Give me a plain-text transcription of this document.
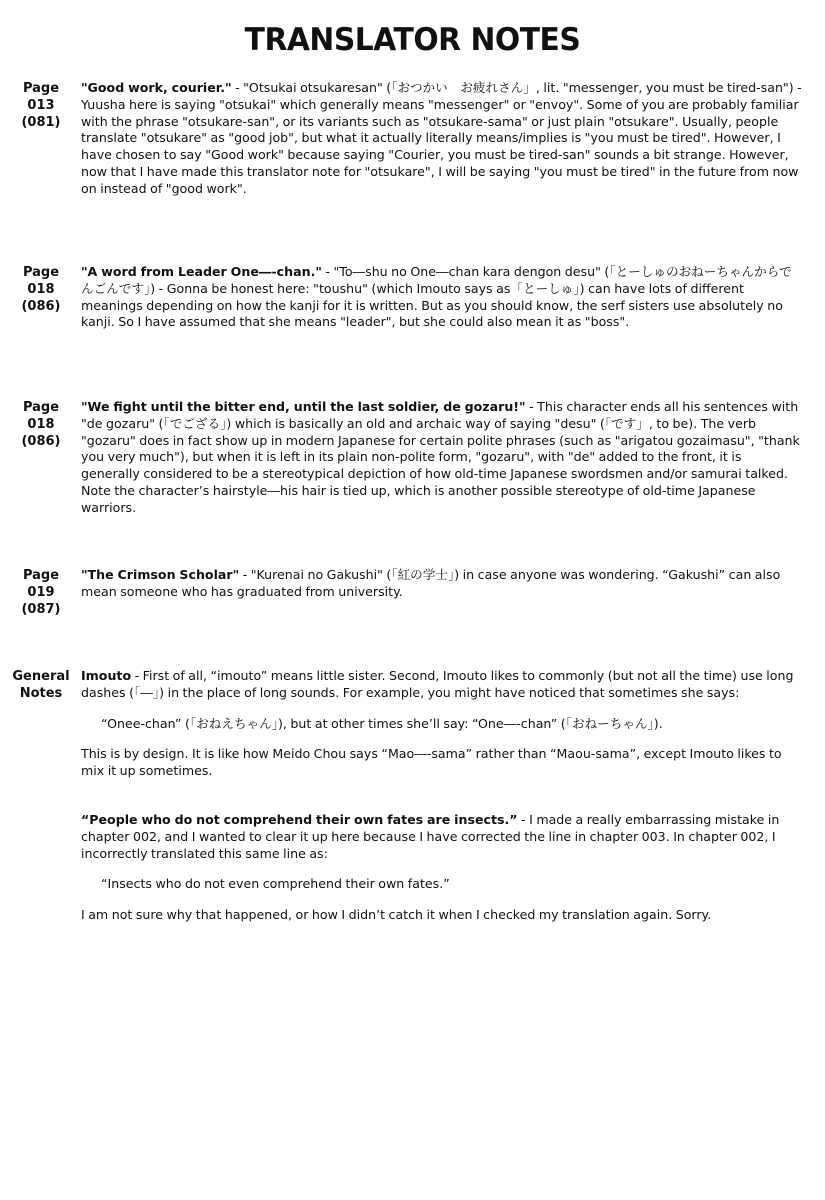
TRANSLATOR NOTES
Page
013
(081)

"Good work, courier." - "Otsukai otsukaresan" (「おつかい　お疲れさん」, lit. "messenger, you must be tired-san") - Yuusha here is saying "otsukai" which generally means "messenger" or "envoy". Some of you are probably familiar with the phrase "otsukare-san", or its variants such as "otsukare-sama" or just plain "otsukare". Usually, people translate "otsukare" as "good job", but what it actually literally means/implies is "you must be tired". However, I have chosen to say "Good work" because saying "Courier, you must be tired-san" sounds a bit strange. However, now that I have made this translator note for "otsukare", I will be saying "you must be tired" in the future from now on instead of "good work".

Page
018
(086)

"A word from Leader One―-chan." - "To―shu no One―chan kara dengon desu" (「とーしゅのおねーちゃんからでんごんです」) - Gonna be honest here: "toushu" (which Imouto says as「とーしゅ」) can have lots of different meanings depending on how the kanji for it is written. But as you should know, the serf sisters use absolutely no kanji. So I have assumed that she means "leader", but she could also mean it as "boss".

Page
018
(086)

"We fight until the bitter end, until the last soldier, de gozaru!" - This character ends all his sentences with "de gozaru" (「でござる」) which is basically an old and archaic way of saying "desu" (「です」, to be). The verb "gozaru" does in fact show up in modern Japanese for certain polite phrases (such as "arigatou gozaimasu", "thank you very much"), but when it is left in its plain non-polite form, "gozaru", with "de" added to the front, it is generally considered to be a stereotypical depiction of how old-time Japanese swordsmen and/or samurai talked. Note the character’s hairstyle―his hair is tied up, which is another possible stereotype of old-time Japanese warriors.

Page
019
(087)

"The Crimson Scholar" - "Kurenai no Gakushi" (「紅の学士」) in case anyone was wondering. “Gakushi” can also mean someone who has graduated from university.

General
Notes

Imouto - First of all, “imouto” means little sister. Second, Imouto likes to commonly (but not all the time) use long dashes (「―」) in the place of long sounds. For example, you might have noticed that sometimes she says:

“Onee-chan” (「おねえちゃん」), but at other times she’ll say: “One―-chan” (「おねーちゃん」).

This is by design. It is like how Meido Chou says “Mao―-sama” rather than “Maou-sama”, except Imouto likes to mix it up sometimes.

“People who do not comprehend their own fates are insects.” - I made a really embarrassing mistake in chapter 002, and I wanted to clear it up here because I have corrected the line in chapter 003. In chapter 002, I incorrectly translated this same line as:

“Insects who do not even comprehend their own fates.”

I am not sure why that happened, or how I didn’t catch it when I checked my translation again. Sorry.
